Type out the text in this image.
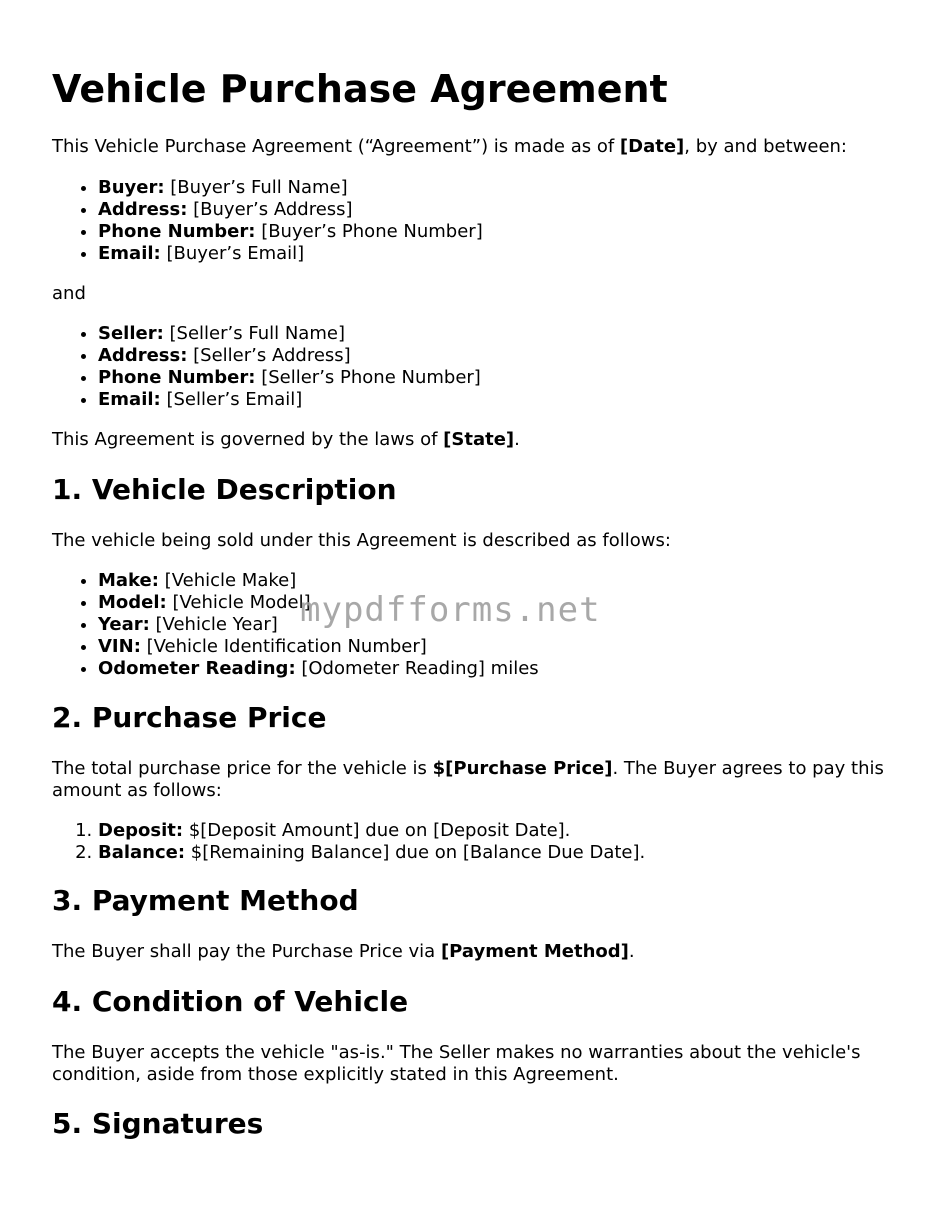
Vehicle Purchase Agreement

This Vehicle Purchase Agreement (“Agreement”) is made as of [Date], by and between:

• Buyer: [Buyer’s Full Name]
• Address: [Buyer’s Address]
• Phone Number: [Buyer’s Phone Number]
• Email: [Buyer’s Email]

and

• Seller: [Seller’s Full Name]
• Address: [Seller’s Address]
• Phone Number: [Seller’s Phone Number]
• Email: [Seller’s Email]

This Agreement is governed by the laws of [State].

1. Vehicle Description

The vehicle being sold under this Agreement is described as follows:

• Make: [Vehicle Make]
• Model: [Vehicle Model]
• Year: [Vehicle Year]
• VIN: [Vehicle Identification Number]
• Odometer Reading: [Odometer Reading] miles
2. Purchase Price

The total purchase price for the vehicle is $[Purchase Price]. The Buyer agrees to pay this amount as follows:

1. Deposit: $[Deposit Amount] due on [Deposit Date].
2. Balance: $[Remaining Balance] due on [Balance Due Date].
3. Payment Method

The Buyer shall pay the Purchase Price via [Payment Method].

4. Condition of Vehicle

The Buyer accepts the vehicle "as-is." The Seller makes no warranties about the vehicle's condition, aside from those explicitly stated in this Agreement.

5. Signatures
mypdfforms.net
